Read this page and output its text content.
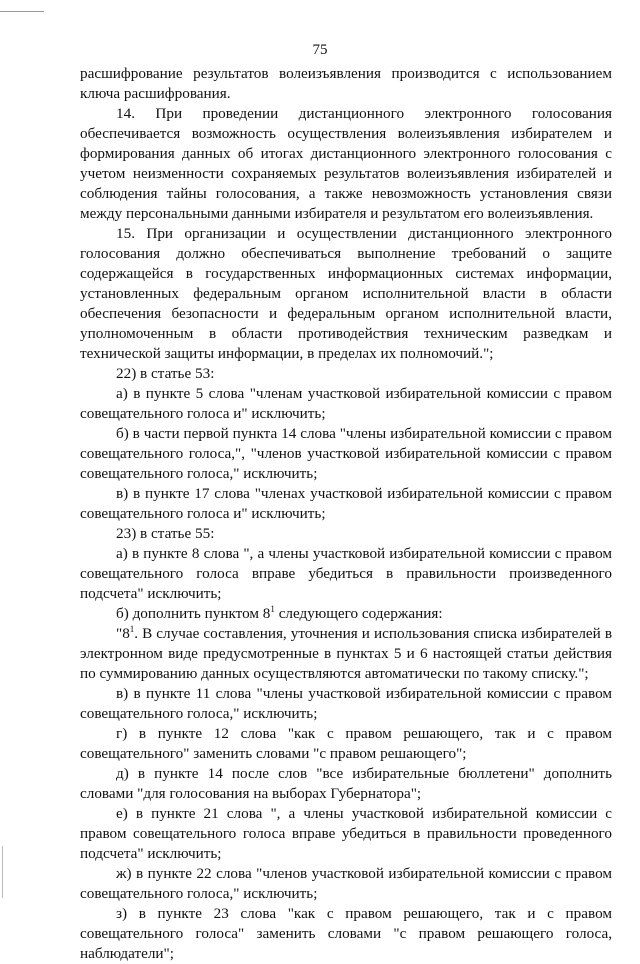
75

расшифрование результатов волеизъявления производится с использованием ключа расшифрования.

14. При проведении дистанционного электронного голосования обеспечивается возможность осуществления волеизъявления избирателем и формирования данных об итогах дистанционного электронного голосования с учетом неизменности сохраняемых результатов волеизъявления избирателей и соблюдения тайны голосования, а также невозможность установления связи между персональными данными избирателя и результатом его волеизъявления.

15. При организации и осуществлении дистанционного электронного голосования должно обеспечиваться выполнение требований о защите содержащейся в государственных информационных системах информации, установленных федеральным органом исполнительной власти в области обеспечения безопасности и федеральным органом исполнительной власти, уполномоченным в области противодействия техническим разведкам и технической защиты информации, в пределах их полномочий.";

22) в статье 53:

а) в пункте 5 слова "членам участковой избирательной комиссии с правом совещательного голоса и" исключить;

б) в части первой пункта 14 слова "члены избирательной комиссии с правом совещательного голоса,", "членов участковой избирательной комиссии с правом совещательного голоса," исключить;

в) в пункте 17 слова "членах участковой избирательной комиссии с правом совещательного голоса и" исключить;

23) в статье 55:

а) в пункте 8 слова ", а члены участковой избирательной комиссии с правом совещательного голоса вправе убедиться в правильности произведенного подсчета" исключить;

б) дополнить пунктом $8^1$ следующего содержания:

"$8^1$. В случае составления, уточнения и использования списка избирателей в электронном виде предусмотренные в пунктах 5 и 6 настоящей статьи действия по суммированию данных осуществляются автоматически по такому списку.";

в) в пункте 11 слова "члены участковой избирательной комиссии с правом совещательного голоса," исключить;

г) в пункте 12 слова "как с правом решающего, так и с правом совещательного" заменить словами "с правом решающего";

д) в пункте 14 после слов "все избирательные бюллетени" дополнить словами "для голосования на выборах Губернатора";

е) в пункте 21 слова ", а члены участковой избирательной комиссии с правом совещательного голоса вправе убедиться в правильности проведенного подсчета" исключить;

ж) в пункте 22 слова "членов участковой избирательной комиссии с правом совещательного голоса," исключить;

з) в пункте 23 слова "как с правом решающего, так и с правом совещательного голоса" заменить словами "с правом решающего голоса, наблюдатели";
